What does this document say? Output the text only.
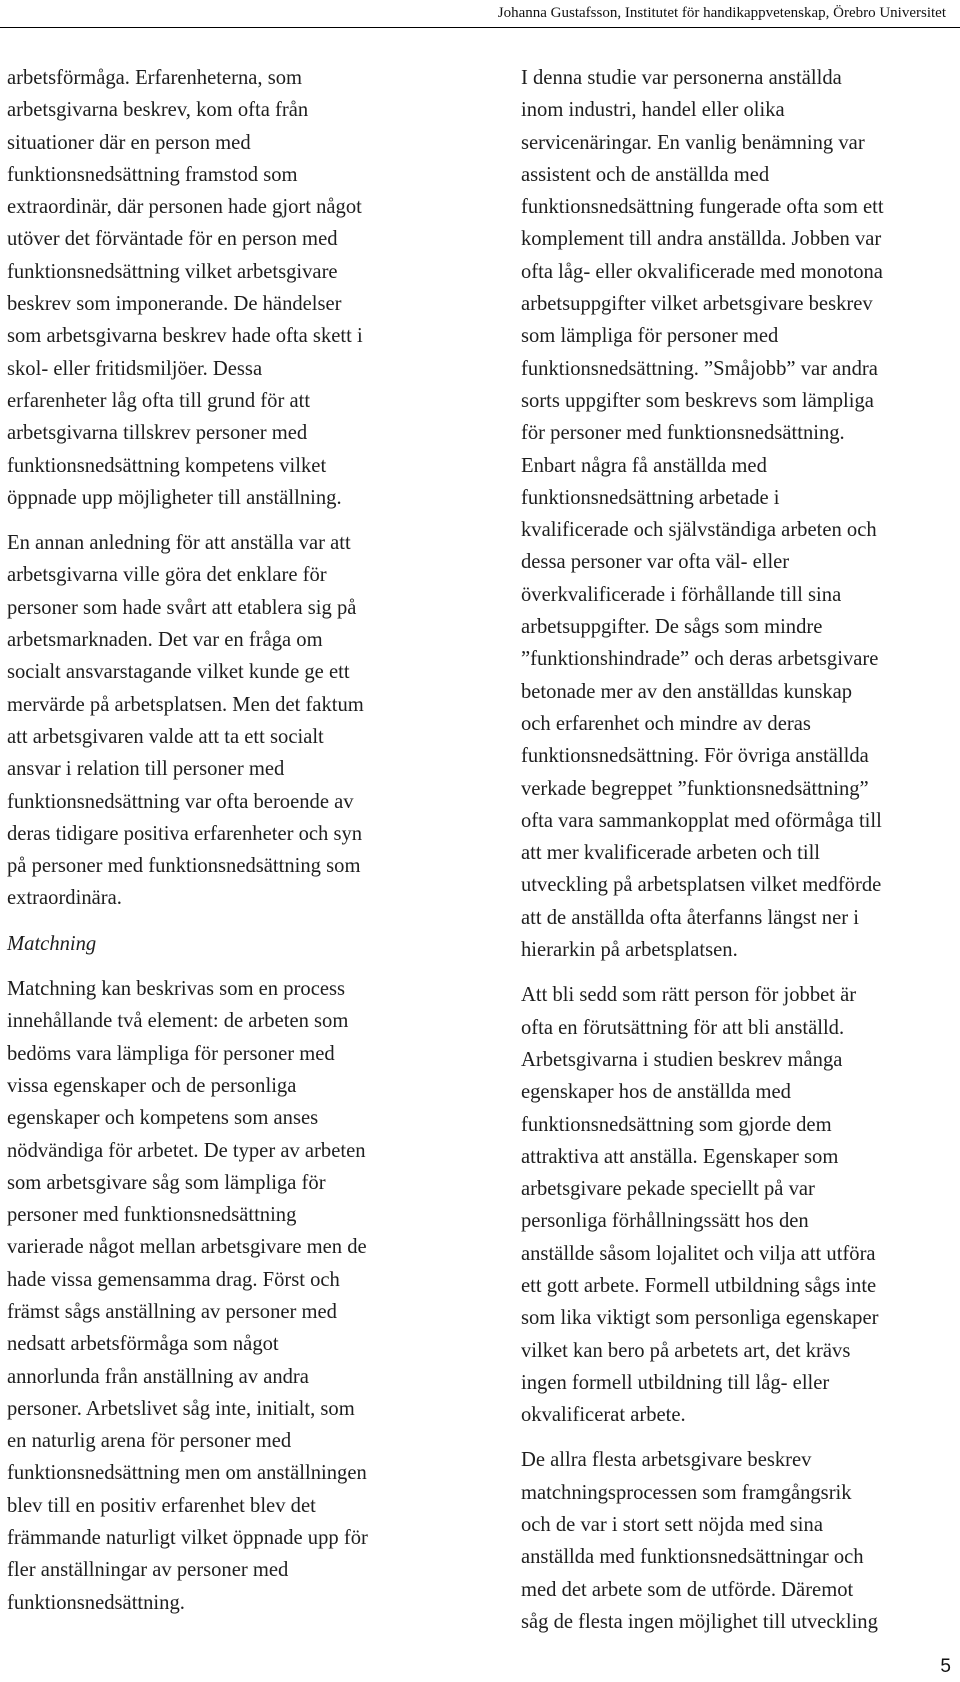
Johanna Gustafsson, Institutet för handikappvetenskap, Örebro Universitet
arbetsförmåga. Erfarenheterna, som
arbetsgivarna beskrev, kom ofta från
situationer där en person med
funktionsnedsättning framstod som
extraordinär, där personen hade gjort något
utöver det förväntade för en person med
funktionsnedsättning vilket arbetsgivare
beskrev som imponerande. De händelser
som arbetsgivarna beskrev hade ofta skett i
skol- eller fritidsmiljöer. Dessa
erfarenheter låg ofta till grund för att
arbetsgivarna tillskrev personer med
funktionsnedsättning kompetens vilket
öppnade upp möjligheter till anställning.
En annan anledning för att anställa var att
arbetsgivarna ville göra det enklare för
personer som hade svårt att etablera sig på
arbetsmarknaden. Det var en fråga om
socialt ansvarstagande vilket kunde ge ett
mervärde på arbetsplatsen. Men det faktum
att arbetsgivaren valde att ta ett socialt
ansvar i relation till personer med
funktionsnedsättning var ofta beroende av
deras tidigare positiva erfarenheter och syn
på personer med funktionsnedsättning som
extraordinära.
Matchning
Matchning kan beskrivas som en process
innehållande två element: de arbeten som
bedöms vara lämpliga för personer med
vissa egenskaper och de personliga
egenskaper och kompetens som anses
nödvändiga för arbetet. De typer av arbeten
som arbetsgivare såg som lämpliga för
personer med funktionsnedsättning
varierade något mellan arbetsgivare men de
hade vissa gemensamma drag. Först och
främst sågs anställning av personer med
nedsatt arbetsförmåga som något
annorlunda från anställning av andra
personer. Arbetslivet såg inte, initialt, som
en naturlig arena för personer med
funktionsnedsättning men om anställningen
blev till en positiv erfarenhet blev det
främmande naturligt vilket öppnade upp för
fler anställningar av personer med
funktionsnedsättning.
I denna studie var personerna anställda
inom industri, handel eller olika
servicenäringar. En vanlig benämning var
assistent och de anställda med
funktionsnedsättning fungerade ofta som ett
komplement till andra anställda. Jobben var
ofta låg- eller okvalificerade med monotona
arbetsuppgifter vilket arbetsgivare beskrev
som lämpliga för personer med
funktionsnedsättning. ”Småjobb” var andra
sorts uppgifter som beskrevs som lämpliga
för personer med funktionsnedsättning.
Enbart några få anställda med
funktionsnedsättning arbetade i
kvalificerade och självständiga arbeten och
dessa personer var ofta väl- eller
överkvalificerade i förhållande till sina
arbetsuppgifter. De sågs som mindre
”funktionshindrade” och deras arbetsgivare
betonade mer av den anställdas kunskap
och erfarenhet och mindre av deras
funktionsnedsättning. För övriga anställda
verkade begreppet ”funktionsnedsättning”
ofta vara sammankopplat med oförmåga till
att mer kvalificerade arbeten och till
utveckling på arbetsplatsen vilket medförde
att de anställda ofta återfanns längst ner i
hierarkin på arbetsplatsen.
Att bli sedd som rätt person för jobbet är
ofta en förutsättning för att bli anställd.
Arbetsgivarna i studien beskrev många
egenskaper hos de anställda med
funktionsnedsättning som gjorde dem
attraktiva att anställa. Egenskaper som
arbetsgivare pekade speciellt på var
personliga förhållningssätt hos den
anställde såsom lojalitet och vilja att utföra
ett gott arbete. Formell utbildning sågs inte
som lika viktigt som personliga egenskaper
vilket kan bero på arbetets art, det krävs
ingen formell utbildning till låg- eller
okvalificerat arbete.
De allra flesta arbetsgivare beskrev
matchningsprocessen som framgångsrik
och de var i stort sett nöjda med sina
anställda med funktionsnedsättningar och
med det arbete som de utförde. Däremot
såg de flesta ingen möjlighet till utveckling
5
